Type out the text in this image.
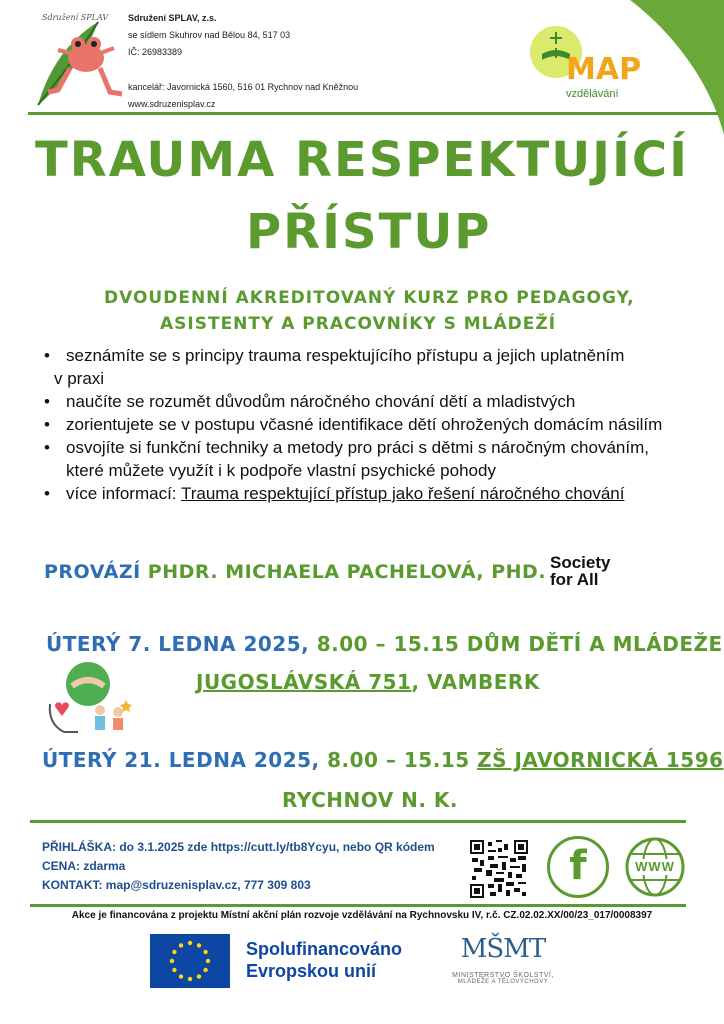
Sdružení SPLAV Sdružení SPLAV, z.s.
se sídlem Skuhrov nad Bělou 84, 517 03
IČ: 26983389
kancelář: Javornická 1560, 516 01 Rychnov nad Kněžnou
www.sdruzenisplav.cz
MAP
vzdělávání
TRAUMA RESPEKTUJÍCÍ
PŘÍSTUP
DVOUDENNÍ AKREDITOVANÝ KURZ PRO PEDAGOGY,
ASISTENTY A PRACOVNÍKY S MLÁDEŽÍ
• seznámíte se s principy trauma respektujícího přístupu a jejich uplatněním
v praxi
• naučíte se rozumět důvodům náročného chování dětí a mladistvých
• zorientujete se v postupu včasné identifikace dětí ohrožených domácím násilím
• osvojíte si funkční techniky a metody pro práci s dětmi s náročným chováním,
které můžete využít i k podpoře vlastní psychické pohody
• více informací: Trauma respektující přístup jako řešení náročného chování
PROVÁZÍ PHDR. MICHAELA PACHELOVÁ, PHD. Society
for All
ÚTERÝ 7. LEDNA 2025, 8.00 – 15.15 DŮM DĚTÍ A MLÁDEŽE
JUGOSLÁVSKÁ 751, VAMBERK
ÚTERÝ 21. LEDNA 2025, 8.00 – 15.15 ZŠ JAVORNICKÁ 1596
RYCHNOV N. K.
PŘIHLÁŠKA: do 3.1.2025 zde https://cutt.ly/tb8Ycyu, nebo QR kódem
CENA: zdarma
KONTAKT: map@sdruzenisplav.cz, 777 309 803	f	WWW
Akce je financována z projektu Místní akční plán rozvoje vzdělávání na Rychnovsku IV, r.č. CZ.02.02.XX/00/23_017/0008397
Spolufinancováno
Evropskou unií
MŠMT
MINISTERSTVO ŠKOLSTVÍ,
MLÁDEŽE A TĚLOVÝCHOVY
